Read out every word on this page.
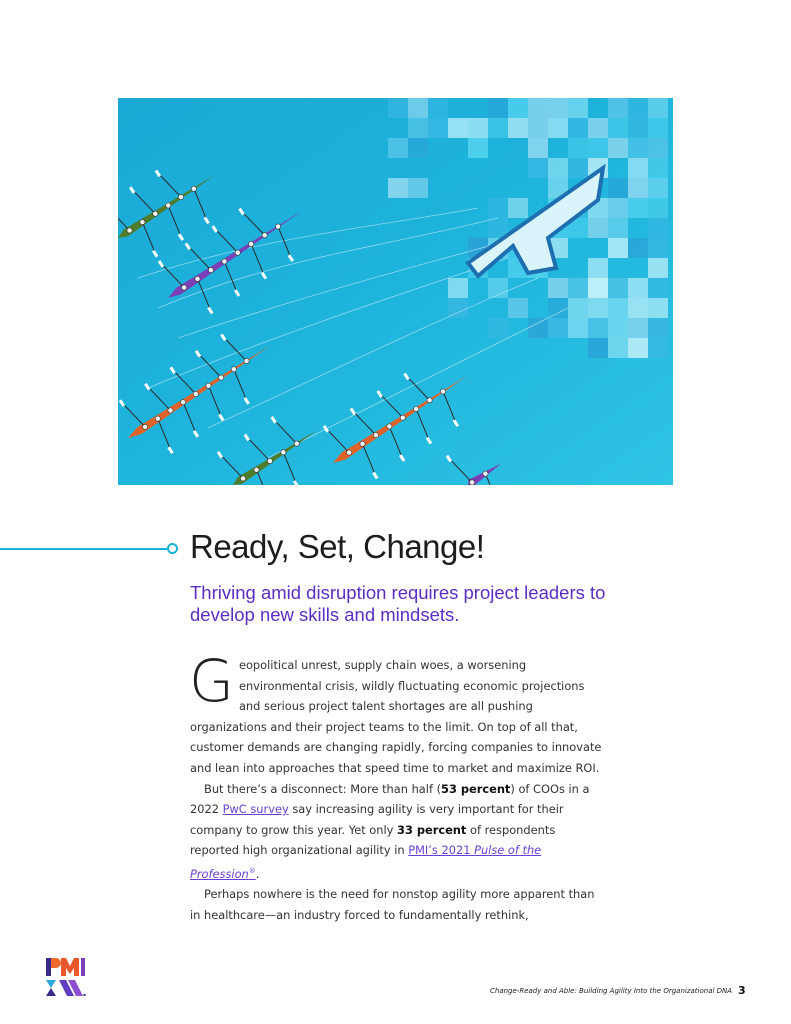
Ready, Set, Change!
Thriving amid disruption requires project leaders to develop new skills and mindsets.

Geopolitical unrest, supply chain woes, a worsening environmental crisis, wildly fluctuating economic projections and serious project talent shortages are all pushing organizations and their project teams to the limit. On top of all that, customer demands are changing rapidly, forcing companies to innovate and lean into approaches that speed time to market and maximize ROI.

But there’s a disconnect: More than half (53 percent) of COOs in a 2022 PwC survey say increasing agility is very important for their company to grow this year. Yet only 33 percent of respondents reported high organizational agility in PMI’s 2021 Pulse of the Profession®.

Perhaps nowhere is the need for nonstop agility more apparent than in healthcare—an industry forced to fundamentally rethink,

Change-Ready and Able: Building Agility Into the Organizational DNA 3
